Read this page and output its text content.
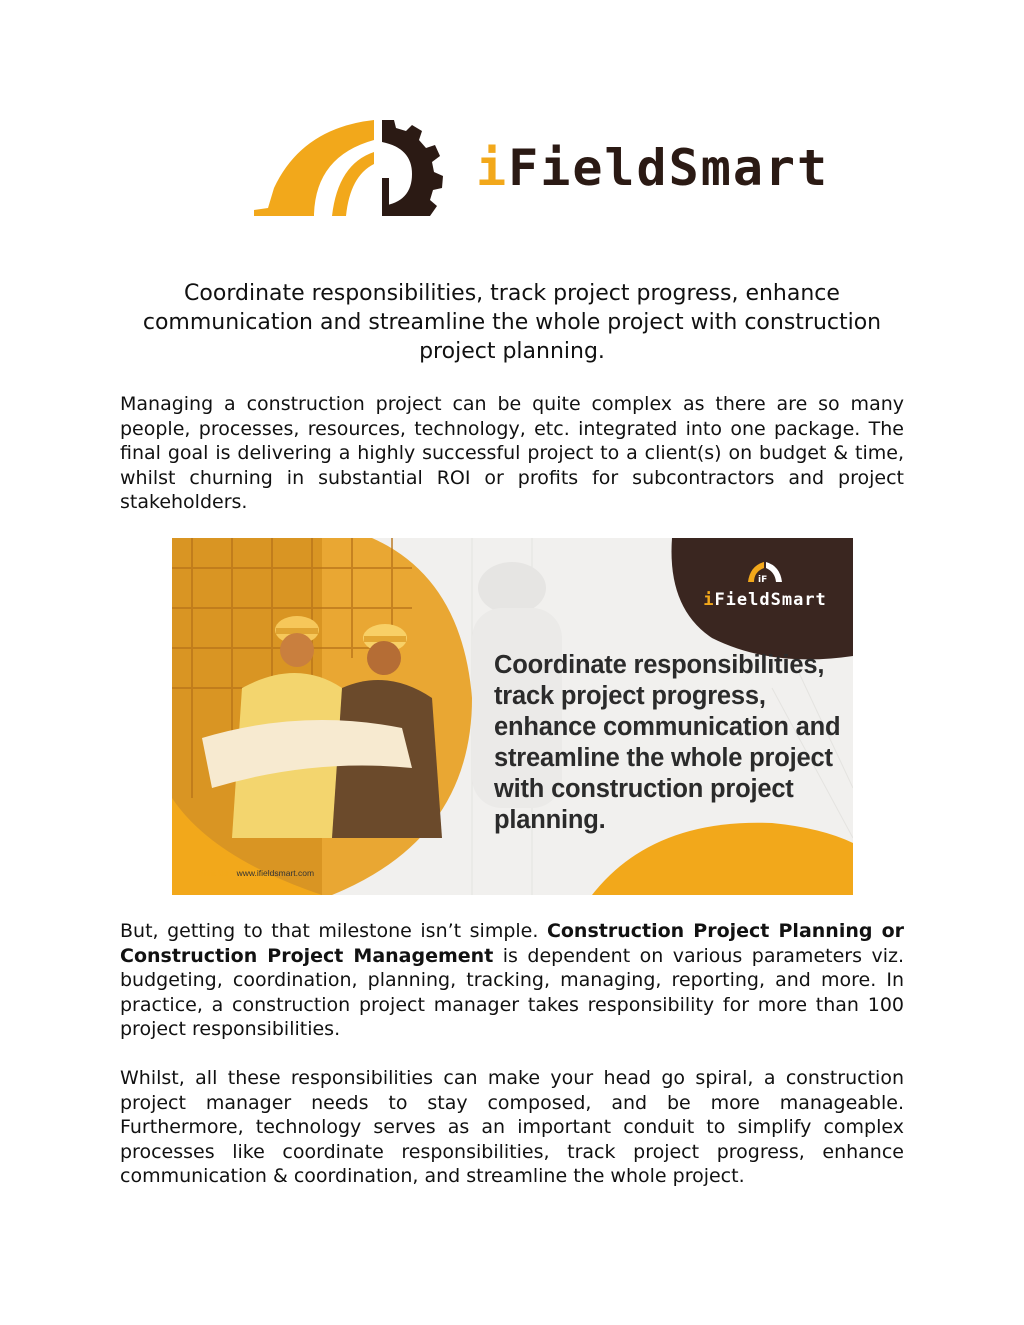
iF
iFieldSmart
Coordinate responsibilities, track project progress, enhance communication and streamline the whole project with construction project planning.

Managing a construction project can be quite complex as there are so many people, processes, resources, technology, etc. integrated into one package. The final goal is delivering a highly successful project to a client(s) on budget & time, whilst churning in substantial ROI or profits for subcontractors and project stakeholders.

iF
iFieldSmart

Coordinate responsibilities, track project progress, enhance communication and streamline the whole project with construction project planning.

Visit Us : www.ifieldsmart.com

But, getting to that milestone isn’t simple. Construction Project Planning or Construction Project Management is dependent on various parameters viz. budgeting, coordination, planning, tracking, managing, reporting, and more. In practice, a construction project manager takes responsibility for more than 100 project responsibilities.

Whilst, all these responsibilities can make your head go spiral, a construction project manager needs to stay composed, and be more manageable. Furthermore, technology serves as an important conduit to simplify complex processes like coordinate responsibilities, track project progress, enhance communication & coordination, and streamline the whole project.
